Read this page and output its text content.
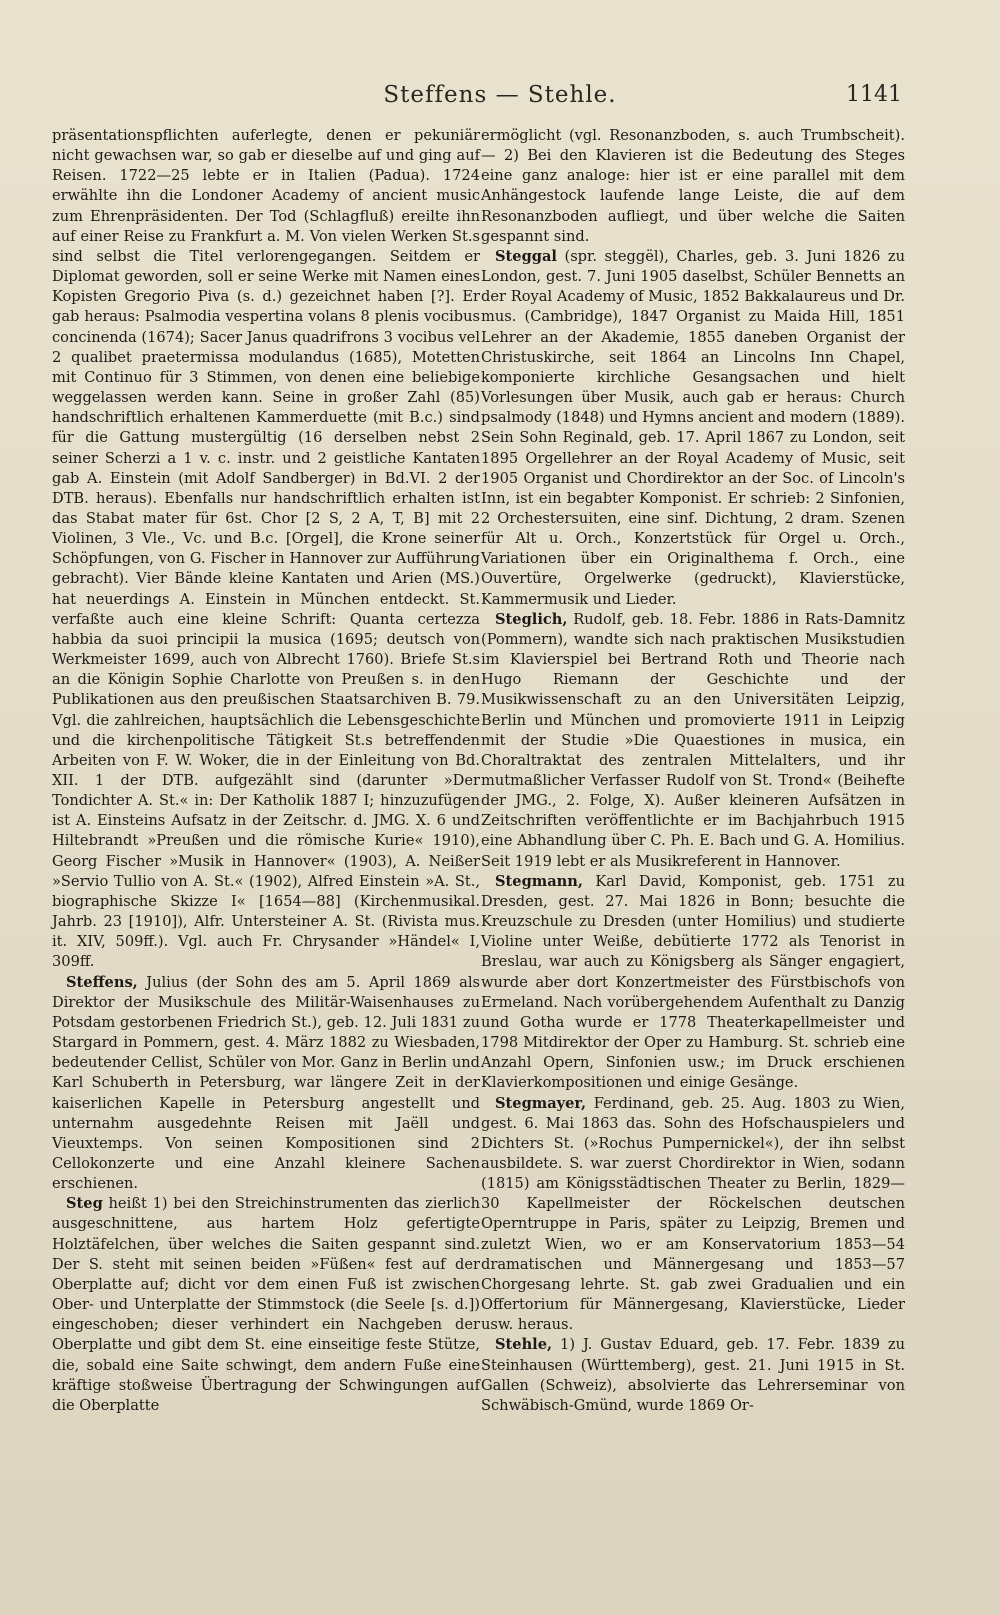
Steffens — Stehle.	1141

präsentationspflichten auferlegte, denen er pekuniär nicht gewachsen war, so gab er dieselbe auf und ging auf Reisen. 1722—25 lebte er in Italien (Padua). 1724 erwählte ihn die Londoner Academy of ancient music zum Ehrenpräsidenten. Der Tod (Schlagfluß) ereilte ihn auf einer Reise zu Frankfurt a. M. Von vielen Werken St.s sind selbst die Titel verlorengegangen. Seitdem er Diplomat geworden, soll er seine Werke mit Namen eines Kopisten Gregorio Piva (s. d.) gezeichnet haben [?]. Er gab heraus: Psalmodia vespertina volans 8 plenis vocibus concinenda (1674); Sacer Janus quadrifrons 3 vocibus vel 2 qualibet praetermissa modulandus (1685), Motetten mit Continuo für 3 Stimmen, von denen eine beliebige weggelassen werden kann. Seine in großer Zahl (85) handschriftlich erhaltenen Kammerduette (mit B.c.) sind für die Gattung mustergültig (16 derselben nebst 2 seiner Scherzi a 1 v. c. instr. und 2 geistliche Kantaten gab A. Einstein (mit Adolf Sandberger) in Bd.VI. 2 der DTB. heraus). Ebenfalls nur handschriftlich erhalten ist das Stabat mater für 6st. Chor [2 S, 2 A, T, B] mit 2 Violinen, 3 Vle., Vc. und B.c. [Orgel], die Krone seiner Schöpfungen, von G. Fischer in Hannover zur Aufführung gebracht). Vier Bände kleine Kantaten und Arien (MS.) hat neuerdings A. Einstein in München entdeckt. St. verfaßte auch eine kleine Schrift: Quanta certezza habbia da suoi principii la musica (1695; deutsch von Werkmeister 1699, auch von Albrecht 1760). Briefe St.s an die Königin Sophie Charlotte von Preußen s. in den Publikationen aus den preußischen Staatsarchiven B. 79. Vgl. die zahlreichen, hauptsächlich die Lebensgeschichte und die kirchenpolitische Tätigkeit St.s betreffenden Arbeiten von F. W. Woker, die in der Einleitung von Bd. XII. 1 der DTB. aufgezählt sind (darunter »Der Tondichter A. St.« in: Der Katholik 1887 I; hinzuzufügen ist A. Einsteins Aufsatz in der Zeitschr. d. JMG. X. 6 und Hiltebrandt »Preußen und die römische Kurie« 1910), Georg Fischer »Musik in Hannover« (1903), A. Neißer »Servio Tullio von A. St.« (1902), Alfred Einstein »A. St., biographische Skizze I« [1654—88] (Kirchenmusikal. Jahrb. 23 [1910]), Alfr. Untersteiner A. St. (Rivista mus. it. XIV, 509ff.). Vgl. auch Fr. Chrysander »Händel« I, 309ff.

Steffens, Julius (der Sohn des am 5. April 1869 als Direktor der Musikschule des Militär-Waisenhauses zu Potsdam gestorbenen Friedrich St.), geb. 12. Juli 1831 zu Stargard in Pommern, gest. 4. März 1882 zu Wiesbaden, bedeutender Cellist, Schüler von Mor. Ganz in Berlin und Karl Schuberth in Petersburg, war längere Zeit in der kaiserlichen Kapelle in Petersburg angestellt und unternahm ausgedehnte Reisen mit Jaëll und Vieuxtemps. Von seinen Kompositionen sind 2 Cellokonzerte und eine Anzahl kleinere Sachen erschienen.

Steg heißt 1) bei den Streichinstrumenten das zierlich ausgeschnittene, aus hartem Holz gefertigte Holztäfelchen, über welches die Saiten gespannt sind. Der S. steht mit seinen beiden »Füßen« fest auf der Oberplatte auf; dicht vor dem einen Fuß ist zwischen Ober- und Unterplatte der Stimmstock (die Seele [s. d.]) eingeschoben; dieser verhindert ein Nachgeben der Oberplatte und gibt dem St. eine einseitige feste Stütze, die, sobald eine Saite schwingt, dem andern Fuße eine kräftige stoßweise Übertragung der Schwingungen auf die Oberplatte

ermöglicht (vgl. Resonanzboden, s. auch Trumbscheit). — 2) Bei den Klavieren ist die Bedeutung des Steges eine ganz analoge: hier ist er eine parallel mit dem Anhängestock laufende lange Leiste, die auf dem Resonanzboden aufliegt, und über welche die Saiten gespannt sind.

Steggal (spr. steggël), Charles, geb. 3. Juni 1826 zu London, gest. 7. Juni 1905 daselbst, Schüler Bennetts an der Royal Academy of Music, 1852 Bakkalaureus und Dr. mus. (Cambridge), 1847 Organist zu Maida Hill, 1851 Lehrer an der Akademie, 1855 daneben Organist der Christuskirche, seit 1864 an Lincolns Inn Chapel, komponierte kirchliche Gesangsachen und hielt Vorlesungen über Musik, auch gab er heraus: Church psalmody (1848) und Hymns ancient and modern (1889). Sein Sohn Reginald, geb. 17. April 1867 zu London, seit 1895 Orgellehrer an der Royal Academy of Music, seit 1905 Organist und Chordirektor an der Soc. of Lincoln's Inn, ist ein begabter Komponist. Er schrieb: 2 Sinfonien, 2 Orchestersuiten, eine sinf. Dichtung, 2 dram. Szenen für Alt u. Orch., Konzertstück für Orgel u. Orch., Variationen über ein Originalthema f. Orch., eine Ouvertüre, Orgelwerke (gedruckt), Klavierstücke, Kammermusik und Lieder.

Steglich, Rudolf, geb. 18. Febr. 1886 in Rats-Damnitz (Pommern), wandte sich nach praktischen Musikstudien im Klavierspiel bei Bertrand Roth und Theorie nach Hugo Riemann der Geschichte und der Musikwissenschaft zu an den Universitäten Leipzig, Berlin und München und promovierte 1911 in Leipzig mit der Studie »Die Quaestiones in musica, ein Choraltraktat des zentralen Mittelalters, und ihr mutmaßlicher Verfasser Rudolf von St. Trond« (Beihefte der JMG., 2. Folge, X). Außer kleineren Aufsätzen in Zeitschriften veröffentlichte er im Bachjahrbuch 1915 eine Abhandlung über C. Ph. E. Bach und G. A. Homilius. Seit 1919 lebt er als Musikreferent in Hannover.

Stegmann, Karl David, Komponist, geb. 1751 zu Dresden, gest. 27. Mai 1826 in Bonn; besuchte die Kreuzschule zu Dresden (unter Homilius) und studierte Violine unter Weiße, debütierte 1772 als Tenorist in Breslau, war auch zu Königsberg als Sänger engagiert, wurde aber dort Konzertmeister des Fürstbischofs von Ermeland. Nach vorübergehendem Aufenthalt zu Danzig und Gotha wurde er 1778 Theaterkapellmeister und 1798 Mitdirektor der Oper zu Hamburg. St. schrieb eine Anzahl Opern, Sinfonien usw.; im Druck erschienen Klavierkompositionen und einige Gesänge.

Stegmayer, Ferdinand, geb. 25. Aug. 1803 zu Wien, gest. 6. Mai 1863 das. Sohn des Hofschauspielers und Dichters St. (»Rochus Pumpernickel«), der ihn selbst ausbildete. S. war zuerst Chordirektor in Wien, sodann (1815) am Königsstädtischen Theater zu Berlin, 1829—30 Kapellmeister der Röckelschen deutschen Operntruppe in Paris, später zu Leipzig, Bremen und zuletzt Wien, wo er am Konservatorium 1853—54 dramatischen und Männergesang und 1853—57 Chorgesang lehrte. St. gab zwei Gradualien und ein Offertorium für Männergesang, Klavierstücke, Lieder usw. heraus.

Stehle, 1) J. Gustav Eduard, geb. 17. Febr. 1839 zu Steinhausen (Württemberg), gest. 21. Juni 1915 in St. Gallen (Schweiz), absolvierte das Lehrerseminar von Schwäbisch-Gmünd, wurde 1869 Or-
